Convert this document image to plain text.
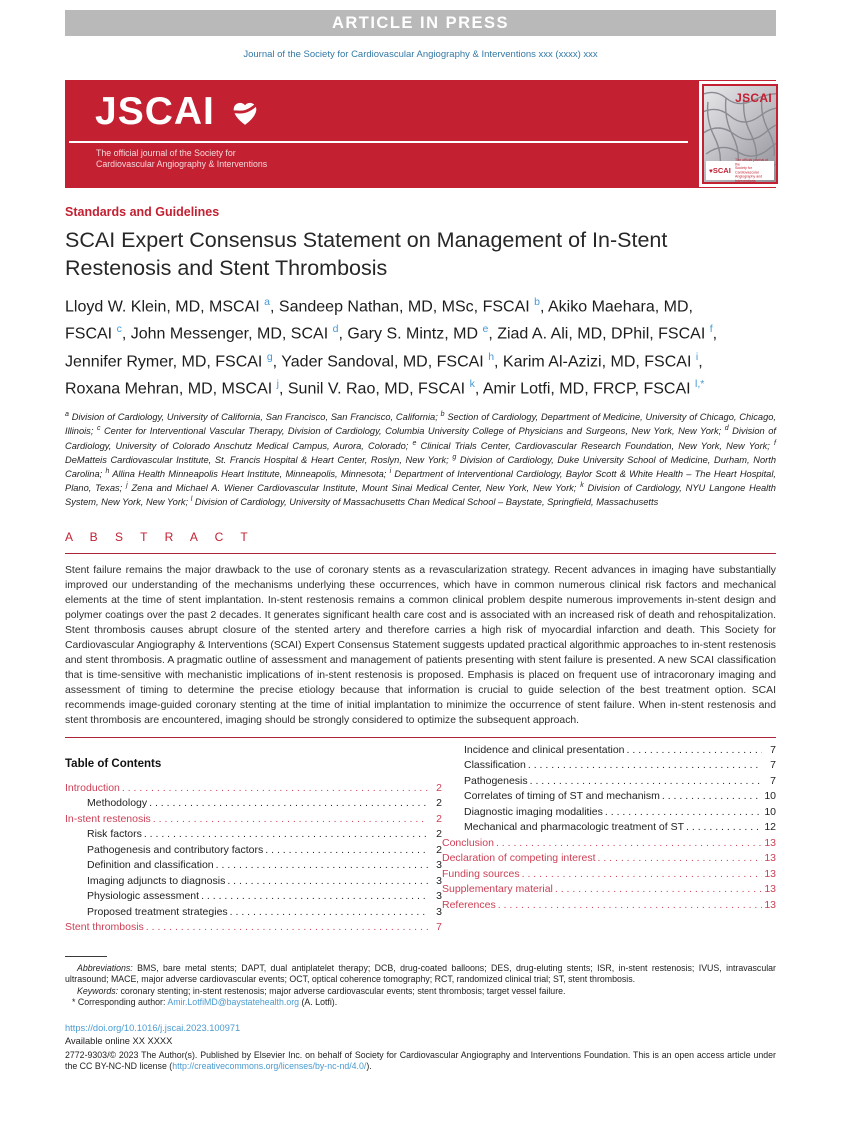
ARTICLE IN PRESS
Journal of the Society for Cardiovascular Angiography & Interventions xxx (xxxx) xxx
JSCAI
The official journal of the Society for
Cardiovascular Angiography & Interventions
JSCAI
♥SCAI
The official journal of the
Society for Cardiovascular
Angiography and Interventions
Standards and Guidelines
SCAI Expert Consensus Statement on Management of In-Stent Restenosis and Stent Thrombosis
Lloyd W. Klein, MD, MSCAI $^a$, Sandeep Nathan, MD, MSc, FSCAI $^b$, Akiko Maehara, MD, FSCAI $^c$, John Messenger, MD, SCAI $^d$, Gary S. Mintz, MD $^e$, Ziad A. Ali, MD, DPhil, FSCAI $^f$, Jennifer Rymer, MD, FSCAI $^g$, Yader Sandoval, MD, FSCAI $^h$, Karim Al-Azizi, MD, FSCAI $^i$, Roxana Mehran, MD, MSCAI $^j$, Sunil V. Rao, MD, FSCAI $^k$, Amir Lotfi, MD, FRCP, FSCAI $^{l,*}$
$^a$ Division of Cardiology, University of California, San Francisco, San Francisco, California; $^b$ Section of Cardiology, Department of Medicine, University of Chicago, Chicago, Illinois; $^c$ Center for Interventional Vascular Therapy, Division of Cardiology, Columbia University College of Physicians and Surgeons, New York, New York; $^d$ Division of Cardiology, University of Colorado Anschutz Medical Campus, Aurora, Colorado; $^e$ Clinical Trials Center, Cardiovascular Research Foundation, New York, New York; $^f$ DeMatteis Cardiovascular Institute, St. Francis Hospital & Heart Center, Roslyn, New York; $^g$ Division of Cardiology, Duke University School of Medicine, Durham, North Carolina; $^h$ Allina Health Minneapolis Heart Institute, Minneapolis, Minnesota; $^i$ Department of Interventional Cardiology, Baylor Scott & White Health – The Heart Hospital, Plano, Texas; $^j$ Zena and Michael A. Wiener Cardiovascular Institute, Mount Sinai Medical Center, New York, New York; $^k$ Division of Cardiology, NYU Langone Health System, New York, New York; $^l$ Division of Cardiology, University of Massachusetts Chan Medical School – Baystate, Springfield, Massachusetts
A B S T R A C T
Stent failure remains the major drawback to the use of coronary stents as a revascularization strategy. Recent advances in imaging have substantially improved our understanding of the mechanisms underlying these occurrences, which have in common numerous clinical risk factors and mechanical elements at the time of stent implantation. In-stent restenosis remains a common clinical problem despite numerous improvements in-stent design and polymer coatings over the past 2 decades. It generates significant health care cost and is associated with an increased risk of death and rehospitalization. Stent thrombosis causes abrupt closure of the stented artery and therefore carries a high risk of myocardial infarction and death. This Society for Cardiovascular Angiography & Interventions (SCAI) Expert Consensus Statement suggests updated practical algorithmic approaches to in-stent restenosis and stent thrombosis. A pragmatic outline of assessment and management of patients presenting with stent failure is presented. A new SCAI classification that is time-sensitive with mechanistic implications of in-stent restenosis is proposed. Emphasis is placed on frequent use of intracoronary imaging and assessment of timing to determine the precise etiology because that information is crucial to guide selection of the best treatment option. SCAI recommends image-guided coronary stenting at the time of initial implantation to minimize the occurrence of stent failure. When in-stent restenosis and stent thrombosis are encountered, imaging should be strongly considered to optimize the subsequent approach.
Table of Contents
Introduction . . .	2
Methodology . . .	2
In-stent restenosis . . .	2
Risk factors . . .	2
Pathogenesis and contributory factors . . .	2
Definition and classification . . .	3
Imaging adjuncts to diagnosis . . .	3
Physiologic assessment . . .	3
Proposed treatment strategies . . .	3
Stent thrombosis . . .	7
Incidence and clinical presentation . . .	7
Classification . . .	7
Pathogenesis . . .	7
Correlates of timing of ST and mechanism . . .	10
Diagnostic imaging modalities . . .	10
Mechanical and pharmacologic treatment of ST . . .	12
Conclusion . . .	13
Declaration of competing interest . . .	13
Funding sources . . .	13
Supplementary material . . .	13
References . . .	13
Abbreviations: BMS, bare metal stents; DAPT, dual antiplatelet therapy; DCB, drug-coated balloons; DES, drug-eluting stents; ISR, in-stent restenosis; IVUS, intravascular ultrasound; MACE, major adverse cardiovascular events; OCT, optical coherence tomography; RCT, randomized clinical trial; ST, stent thrombosis.
Keywords: coronary stenting; in-stent restenosis; major adverse cardiovascular events; stent thrombosis; target vessel failure.
* Corresponding author: Amir.LotfiMD@baystatehealth.org (A. Lotfi).
https://doi.org/10.1016/j.jscai.2023.100971
Available online XX XXXX
2772-9303/© 2023 The Author(s). Published by Elsevier Inc. on behalf of Society for Cardiovascular Angiography and Interventions Foundation. This is an open access article under the CC BY-NC-ND license (http://creativecommons.org/licenses/by-nc-nd/4.0/).
